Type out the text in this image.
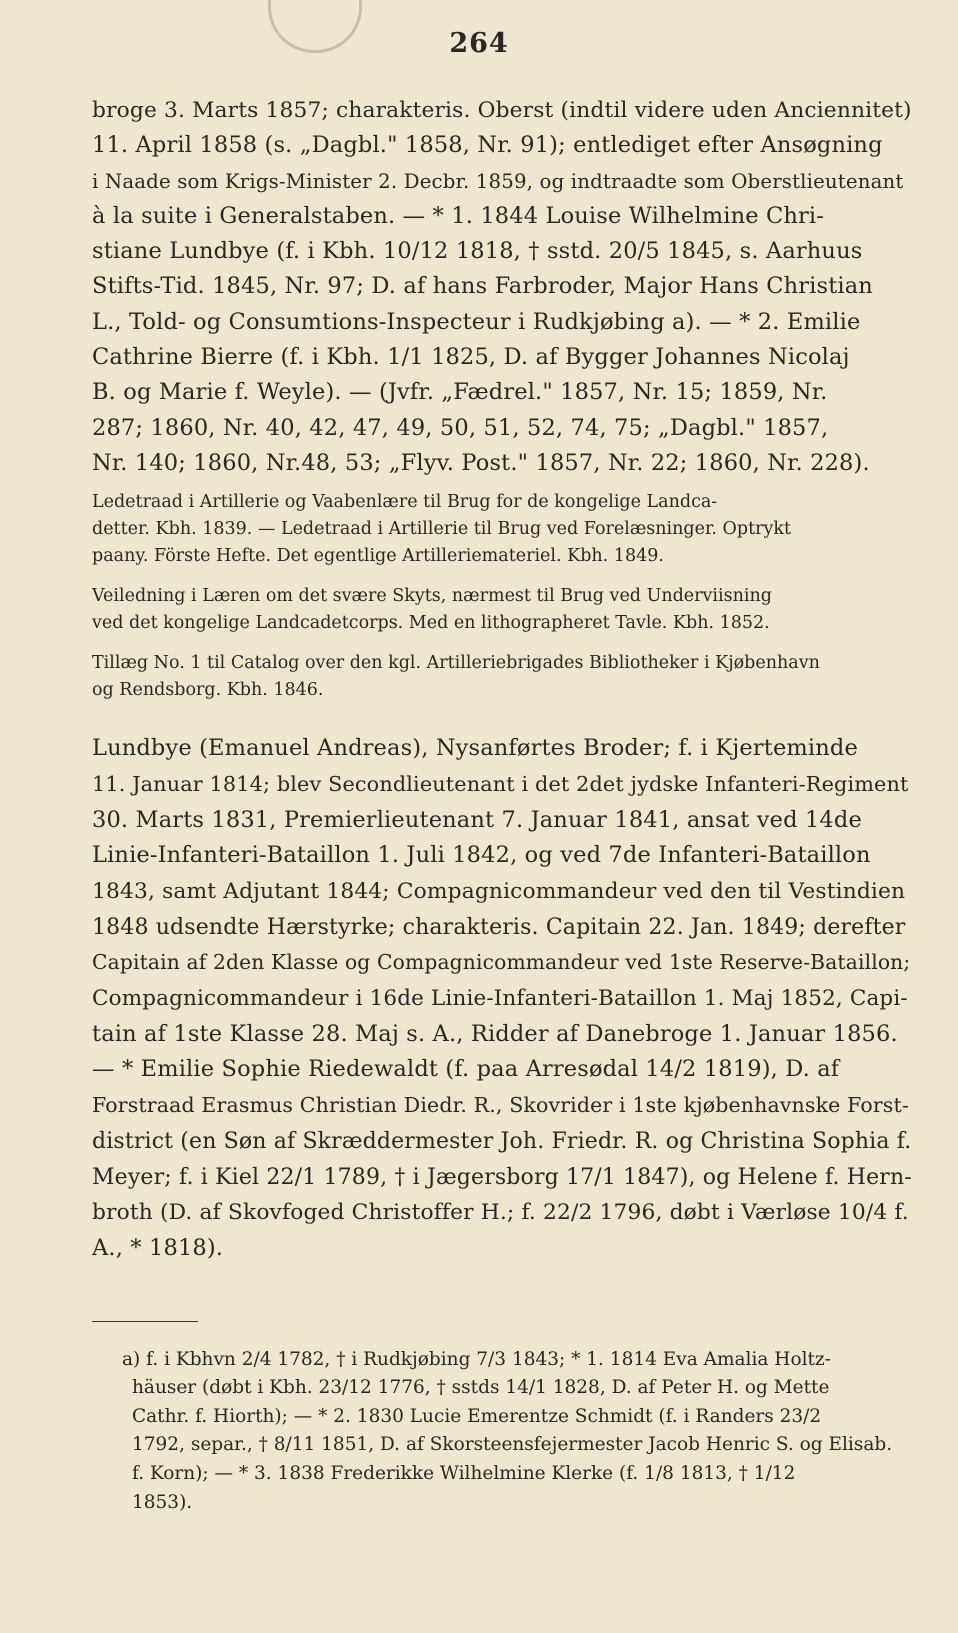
264
broge 3. Marts 1857; charakteris. Oberst (indtil videre uden Anciennitet)
11. April 1858 (s. „Dagbl." 1858, Nr. 91); entlediget efter Ansøgning
i Naade som Krigs-Minister 2. Decbr. 1859, og indtraadte som Oberstlieutenant
à la suite i Generalstaben. — * 1. 1844 Louise Wilhelmine Chri-
stiane Lundbye (f. i Kbh. 10/12 1818, † sstd. 20/5 1845, s. Aarhuus
Stifts-Tid. 1845, Nr. 97; D. af hans Farbroder, Major Hans Christian
L., Told- og Consumtions-Inspecteur i Rudkjøbing a). — * 2. Emilie
Cathrine Bierre (f. i Kbh. 1/1 1825, D. af Bygger Johannes Nicolaj
B. og Marie f. Weyle). — (Jvfr. „Fædrel." 1857, Nr. 15; 1859, Nr.
287; 1860, Nr. 40, 42, 47, 49, 50, 51, 52, 74, 75; „Dagbl." 1857,
Nr. 140; 1860, Nr.48, 53; „Flyv. Post." 1857, Nr. 22; 1860, Nr. 228).
Ledetraad i Artillerie og Vaabenlære til Brug for de kongelige Landca-
detter. Kbh. 1839. — Ledetraad i Artillerie til Brug ved Forelæsninger. Optrykt
paany. Förste Hefte. Det egentlige Artilleriemateriel. Kbh. 1849.
Veiledning i Læren om det svære Skyts, nærmest til Brug ved Underviisning
ved det kongelige Landcadetcorps. Med en lithographeret Tavle. Kbh. 1852.
Tillæg No. 1 til Catalog over den kgl. Artilleriebrigades Bibliotheker i Kjøbenhavn
og Rendsborg. Kbh. 1846.
Lundbye (Emanuel Andreas), Nysanførtes Broder; f. i Kjerteminde
11. Januar 1814; blev Secondlieutenant i det 2det jydske Infanteri-Regiment
30. Marts 1831, Premierlieutenant 7. Januar 1841, ansat ved 14de
Linie-Infanteri-Bataillon 1. Juli 1842, og ved 7de Infanteri-Bataillon
1843, samt Adjutant 1844; Compagnicommandeur ved den til Vestindien
1848 udsendte Hærstyrke; charakteris. Capitain 22. Jan. 1849; derefter
Capitain af 2den Klasse og Compagnicommandeur ved 1ste Reserve-Bataillon;
Compagnicommandeur i 16de Linie-Infanteri-Bataillon 1. Maj 1852, Capi-
tain af 1ste Klasse 28. Maj s. A., Ridder af Danebroge 1. Januar 1856.
— * Emilie Sophie Riedewaldt (f. paa Arresødal 14/2 1819), D. af
Forstraad Erasmus Christian Diedr. R., Skovrider i 1ste kjøbenhavnske Forst-
district (en Søn af Skræddermester Joh. Friedr. R. og Christina Sophia f.
Meyer; f. i Kiel 22/1 1789, † i Jægersborg 17/1 1847), og Helene f. Hern-
broth (D. af Skovfoged Christoffer H.; f. 22/2 1796, døbt i Værløse 10/4 f.
A., * 1818).
a) f. i Kbhvn 2/4 1782, † i Rudkjøbing 7/3 1843; * 1. 1814 Eva Amalia Holtz-
häuser (døbt i Kbh. 23/12 1776, † sstds 14/1 1828, D. af Peter H. og Mette
Cathr. f. Hiorth); — * 2. 1830 Lucie Emerentze Schmidt (f. i Randers 23/2
1792, separ., † 8/11 1851, D. af Skorsteensfejermester Jacob Henric S. og Elisab.
f. Korn); — * 3. 1838 Frederikke Wilhelmine Klerke (f. 1/8 1813, † 1/12
1853).
